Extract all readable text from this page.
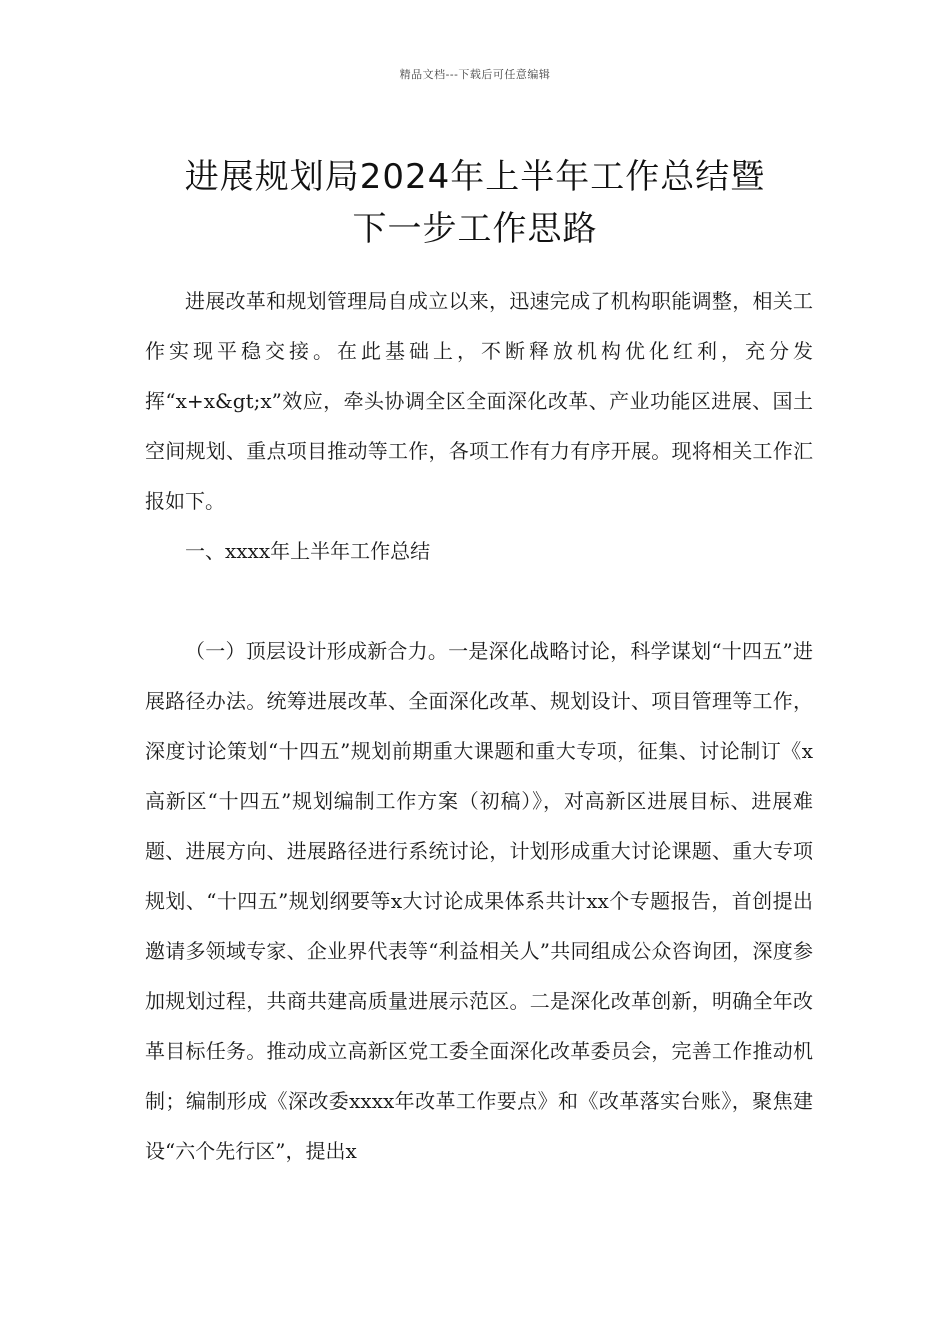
精品文档---下载后可任意编辑
进展规划局2024年上半年工作总结暨
下一步工作思路

进展改革和规划管理局自成立以来，迅速完成了机构职能调整，相关工作实现平稳交接。在此基础上，不断释放机构优化红利，充分发挥“x+x&gt;x”效应，牵头协调全区全面深化改革、产业功能区进展、国土空间规划、重点项目推动等工作，各项工作有力有序开展。现将相关工作汇报如下。

一、xxxx年上半年工作总结

（一）顶层设计形成新合力。一是深化战略讨论，科学谋划“十四五”进展路径办法。统筹进展改革、全面深化改革、规划设计、项目管理等工作，深度讨论策划“十四五”规划前期重大课题和重大专项，征集、讨论制订《x高新区“十四五”规划编制工作方案（初稿）》，对高新区进展目标、进展难题、进展方向、进展路径进行系统讨论，计划形成重大讨论课题、重大专项规划、“十四五”规划纲要等x大讨论成果体系共计xx个专题报告，首创提出邀请多领域专家、企业界代表等“利益相关人”共同组成公众咨询团，深度参加规划过程，共商共建高质量进展示范区。二是深化改革创新，明确全年改革目标任务。推动成立高新区党工委全面深化改革委员会，完善工作推动机制；编制形成《深改委xxxx年改革工作要点》和《改革落实台账》，聚焦建设“六个先行区”，提出x
